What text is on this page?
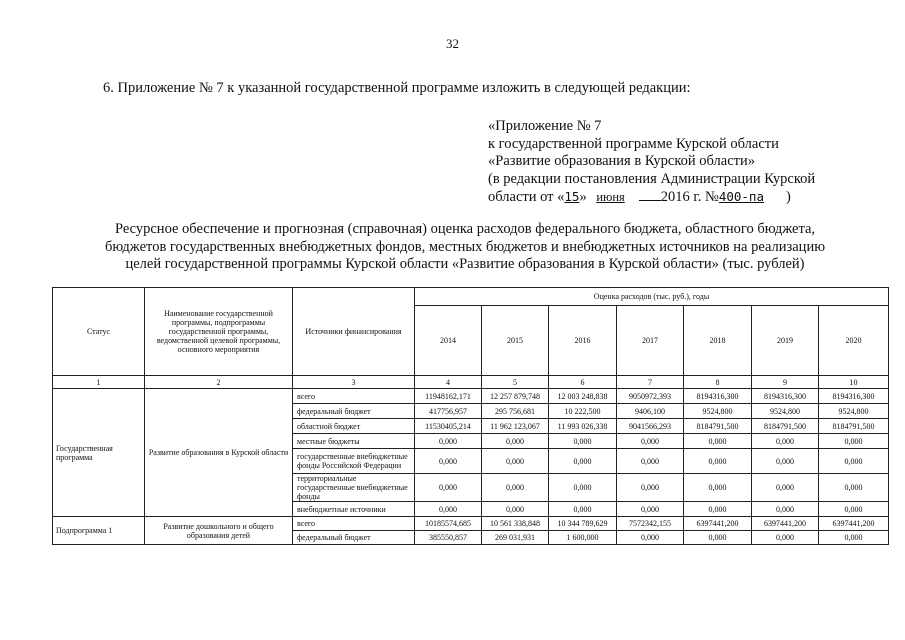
32
6. Приложение № 7 к указанной государственной программе изложить в следующей редакции:
«Приложение № 7
к государственной программе Курской области
«Развитие образования в Курской области»
(в редакции постановления Администрации Курской
области от «15» июня 2016 г. №400-па )
Ресурсное обеспечение и прогнозная (справочная) оценка расходов федерального бюджета, областного бюджета,
бюджетов государственных внебюджетных фондов, местных бюджетов и внебюджетных источников на реализацию
целей государственной программы Курской области «Развитие образования в Курской области» (тыс. рублей)
Статус	Наименование государственной программы, подпрограммы государственной программы, ведомственной целевой программы, основного мероприятия	Источники финансирования	Оценка расходов (тыс. руб.), годы						
			2014	2015	2016	2017	2018	2019	2020
1	2	3	4	5	6	7	8	9	10
Государственная программа	Развитие образования в Курской области	всего	11948162,171	12 257 879,748	12 003 248,838	9050972,393	8194316,300	8194316,300	8194316,300
		федеральный бюджет	417756,957	295 756,681	10 222,500	9406,100	9524,800	9524,800	9524,800
		областной бюджет	11530405,214	11 962 123,067	11 993 026,338	9041566,293	8184791,500	8184791,500	8184791,500
		местные бюджеты	0,000	0,000	0,000	0,000	0,000	0,000	0,000
		государственные внебюджетные фонды Российской Федерации	0,000	0,000	0,000	0,000	0,000	0,000	0,000
		территориальные государственные внебюджетные фонды	0,000	0,000	0,000	0,000	0,000	0,000	0,000
		внебюджетные источники	0,000	0,000	0,000	0,000	0,000	0,000	0,000
Подпрограмма 1	Развитие дошкольного и общего образования детей	всего	10185574,685	10 561 338,848	10 344 789,629	7572342,155	6397441,200	6397441,200	6397441,200
		федеральный бюджет	385550,857	269 031,931	1 600,000	0,000	0,000	0,000	0,000
